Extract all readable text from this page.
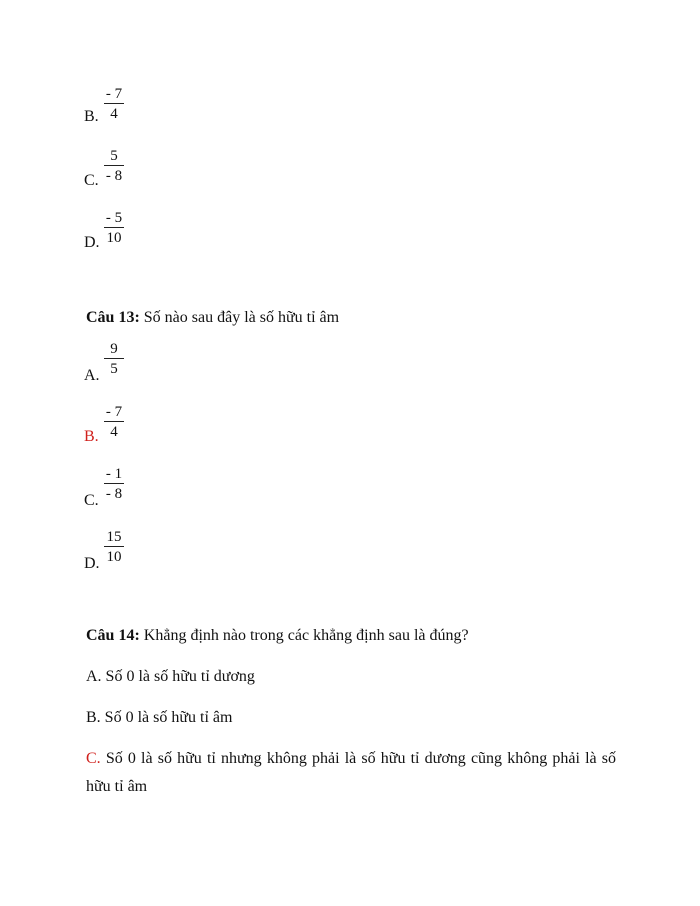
- 7
4
B.
5
- 8
C.
- 5
10
D.
Câu 13: Số nào sau đây là số hữu tỉ âm
9
5
A.
- 7
4
B.
- 1
- 8
C.
15
10
D.
Câu 14: Khẳng định nào trong các khẳng định sau là đúng?
A. Số 0 là số hữu tỉ dương
B. Số 0 là số hữu tỉ âm
C. Số 0 là số hữu tỉ nhưng không phải là số hữu tỉ dương cũng không phải là số hữu tỉ âm
